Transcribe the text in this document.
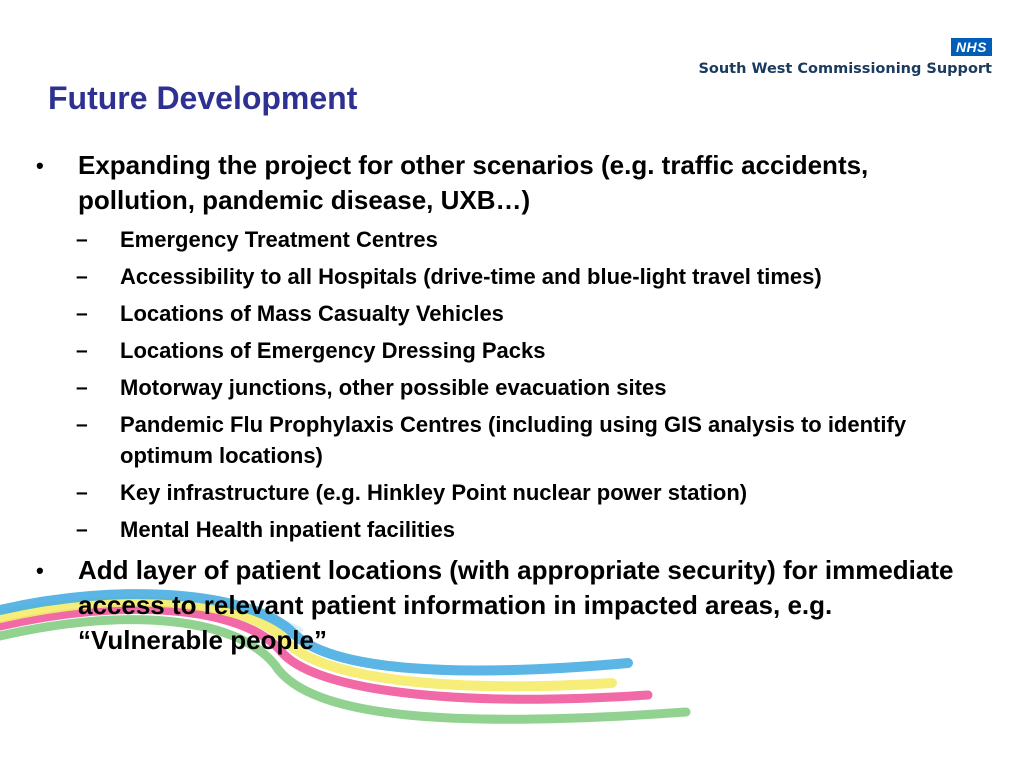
NHS
South West Commissioning Support
Future Development
•	Expanding the project for other scenarios (e.g. traffic accidents, pollution, pandemic disease, UXB…)
–	Emergency Treatment Centres
–	Accessibility to all Hospitals (drive-time and blue-light travel times)
–	Locations of Mass Casualty Vehicles
–	Locations of Emergency Dressing Packs
–	Motorway junctions, other possible evacuation sites
–	Pandemic Flu Prophylaxis Centres (including using GIS analysis to identify optimum locations)
–	Key infrastructure (e.g. Hinkley Point nuclear power station)
–	Mental Health inpatient facilities
•	Add layer of patient locations (with appropriate security) for immediate access to relevant patient information in impacted areas, e.g. “Vulnerable people”
